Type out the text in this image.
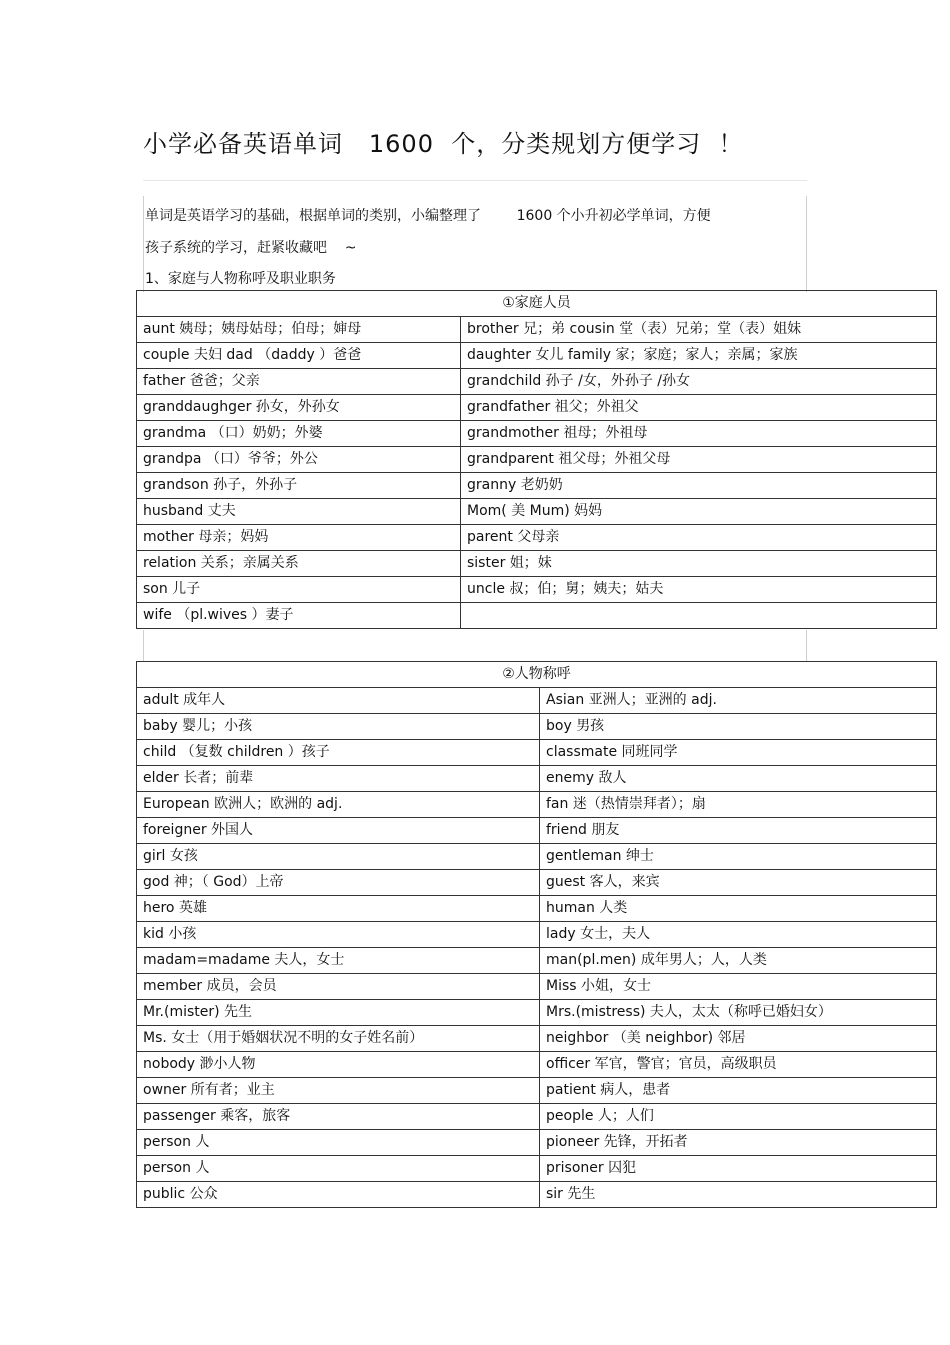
小学必备英语单词   1600  个，分类规划方便学习  ！
单词是英语学习的基础，根据单词的类别，小编整理了        1600 个小升初必学单词，方便
孩子系统的学习，赶紧收藏吧    ~
1、家庭与人物称呼及职业职务
①家庭人员	
aunt 姨母；姨母姑母；伯母；婶母	brother 兄；弟 cousin 堂（表）兄弟；堂（表）姐妹
couple 夫妇 dad （daddy ）爸爸	daughter 女儿 family 家；家庭；家人；亲属；家族
father 爸爸；父亲	grandchild 孙子 /女，外孙子 /孙女
granddaughger 孙女，外孙女	grandfather 祖父；外祖父
grandma （口）奶奶；外婆	grandmother 祖母；外祖母
grandpa （口）爷爷；外公	grandparent 祖父母；外祖父母
grandson 孙子，外孙子	granny 老奶奶
husband 丈夫	Mom( 美 Mum) 妈妈
mother 母亲；妈妈	parent 父母亲
relation 关系；亲属关系	sister 姐；妹
son 儿子	uncle 叔；伯；舅；姨夫；姑夫
wife （pl.wives ）妻子	
②人物称呼	
adult 成年人	Asian 亚洲人；亚洲的 adj.
baby 婴儿；小孩	boy 男孩
child （复数 children ）孩子	classmate 同班同学
elder 长者；前辈	enemy 敌人
European 欧洲人；欧洲的 adj.	fan 迷（热情崇拜者）；扇
foreigner 外国人	friend 朋友
girl 女孩	gentleman 绅士
god 神；（ God）上帝	guest 客人，来宾
hero 英雄	human 人类
kid 小孩	lady 女士，夫人
madam=madame 夫人，女士	man(pl.men) 成年男人；人，人类
member 成员，会员	Miss 小姐，女士
Mr.(mister) 先生	Mrs.(mistress) 夫人，太太（称呼已婚妇女）
Ms. 女士（用于婚姻状况不明的女子姓名前）	neighbor （美 neighbor) 邻居
nobody 渺小人物	officer 军官，警官；官员，高级职员
owner 所有者；业主	patient 病人，患者
passenger 乘客，旅客	people 人；人们
person 人	pioneer 先锋，开拓者
person 人	prisoner 囚犯
public 公众	sir 先生
